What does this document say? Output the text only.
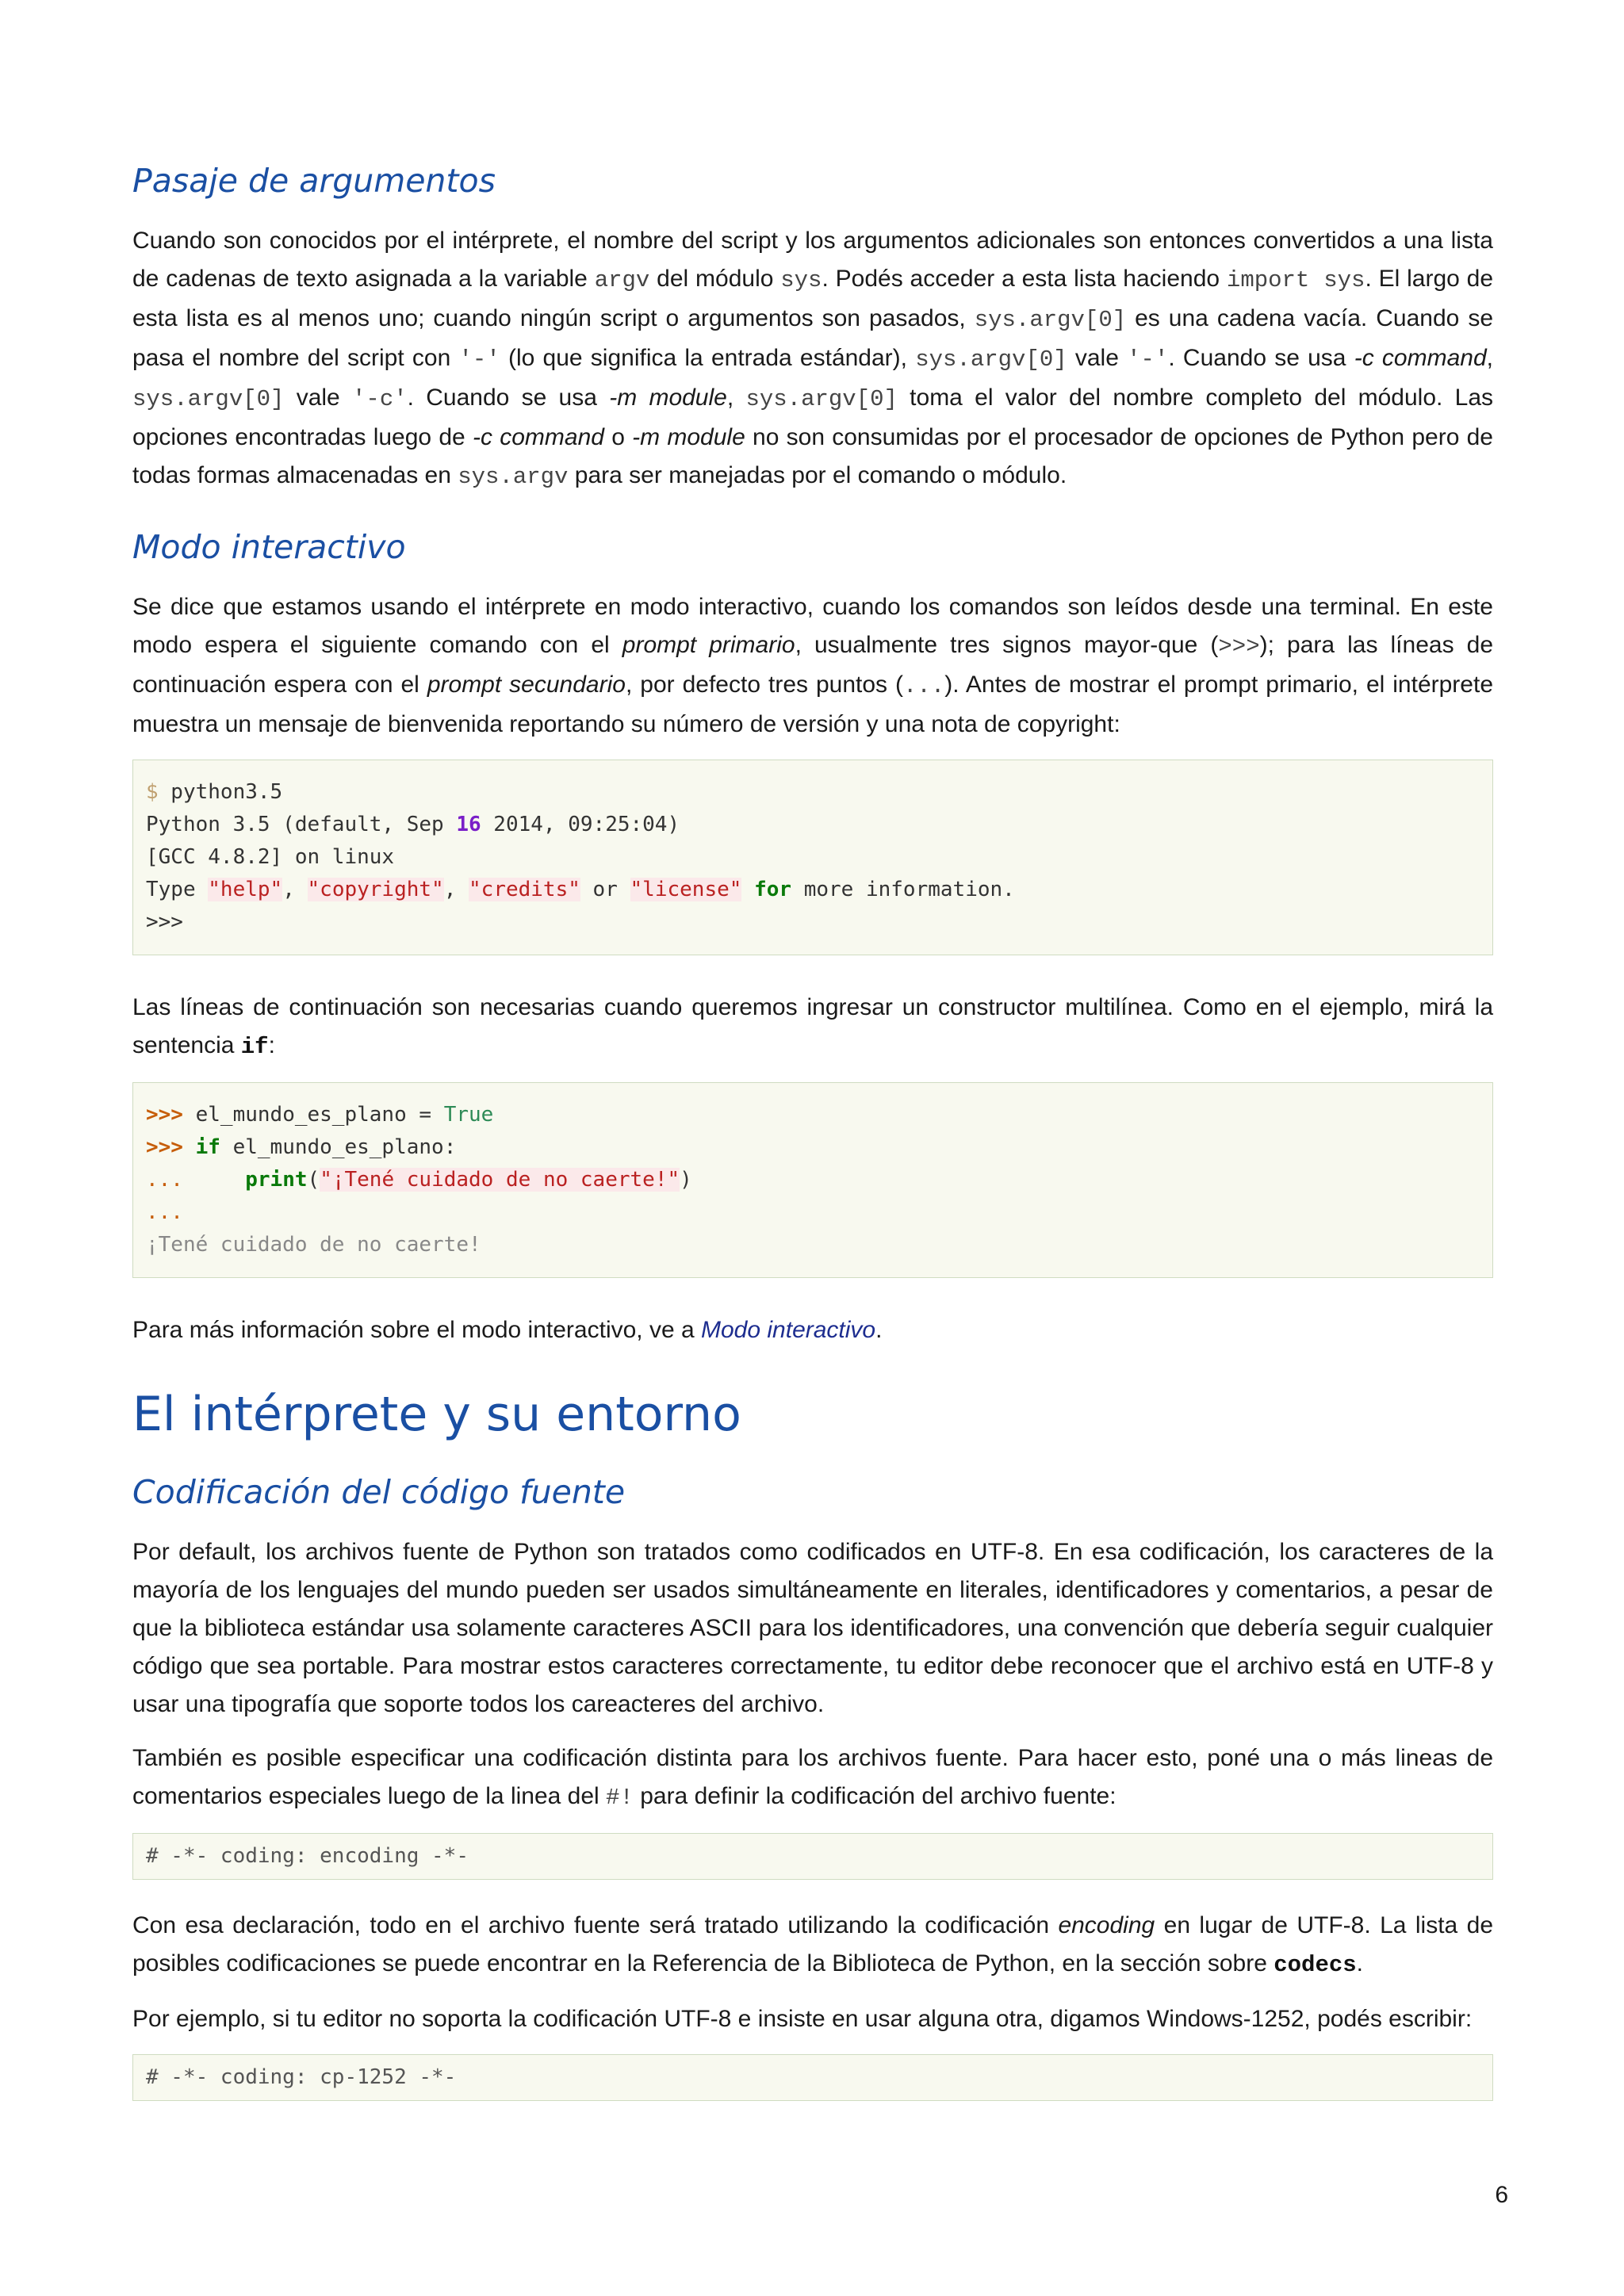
Pasaje de argumentos

Cuando son conocidos por el intérprete, el nombre del script y los argumentos adicionales son entonces convertidos a una lista de cadenas de texto asignada a la variable argv del módulo sys. Podés acceder a esta lista haciendo import sys. El largo de esta lista es al menos uno; cuando ningún script o argumentos son pasados, sys.argv[0] es una cadena vacía. Cuando se pasa el nombre del script con '-' (lo que significa la entrada estándar), sys.argv[0] vale '-'. Cuando se usa -c command, sys.argv[0] vale '-c'. Cuando se usa -m module, sys.argv[0] toma el valor del nombre completo del módulo. Las opciones encontradas luego de -c command o -m module no son consumidas por el procesador de opciones de Python pero de todas formas almacenadas en sys.argv para ser manejadas por el comando o módulo.

Modo interactivo

Se dice que estamos usando el intérprete en modo interactivo, cuando los comandos son leídos desde una terminal. En este modo espera el siguiente comando con el prompt primario, usualmente tres signos mayor-que (>>>); para las líneas de continuación espera con el prompt secundario, por defecto tres puntos (...). Antes de mostrar el prompt primario, el intérprete muestra un mensaje de bienvenida reportando su número de versión y una nota de copyright:

$ python3.5
Python 3.5 (default, Sep 16 2014, 09:25:04)
[GCC 4.8.2] on linux
Type "help", "copyright", "credits" or "license" for more information.
>>>

Las líneas de continuación son necesarias cuando queremos ingresar un constructor multilínea. Como en el ejemplo, mirá la sentencia if:

>>> el_mundo_es_plano = True
>>> if el_mundo_es_plano:
...	print("¡Tené cuidado de no caerte!")
...
¡Tené cuidado de no caerte!

Para más información sobre el modo interactivo, ve a Modo interactivo.

El intérprete y su entorno
Codificación del código fuente

Por default, los archivos fuente de Python son tratados como codificados en UTF-8. En esa codificación, los caracteres de la mayoría de los lenguajes del mundo pueden ser usados simultáneamente en literales, identificadores y comentarios, a pesar de que la biblioteca estándar usa solamente caracteres ASCII para los identificadores, una convención que debería seguir cualquier código que sea portable. Para mostrar estos caracteres correctamente, tu editor debe reconocer que el archivo está en UTF-8 y usar una tipografía que soporte todos los careacteres del archivo.

También es posible especificar una codificación distinta para los archivos fuente. Para hacer esto, poné una o más lineas de comentarios especiales luego de la linea del #! para definir la codificación del archivo fuente:

# -*- coding: encoding -*-

Con esa declaración, todo en el archivo fuente será tratado utilizando la codificación encoding en lugar de UTF-8. La lista de posibles codificaciones se puede encontrar en la Referencia de la Biblioteca de Python, en la sección sobre codecs.

Por ejemplo, si tu editor no soporta la codificación UTF-8 e insiste en usar alguna otra, digamos Windows-1252, podés escribir:

# -*- coding: cp-1252 -*-
6
